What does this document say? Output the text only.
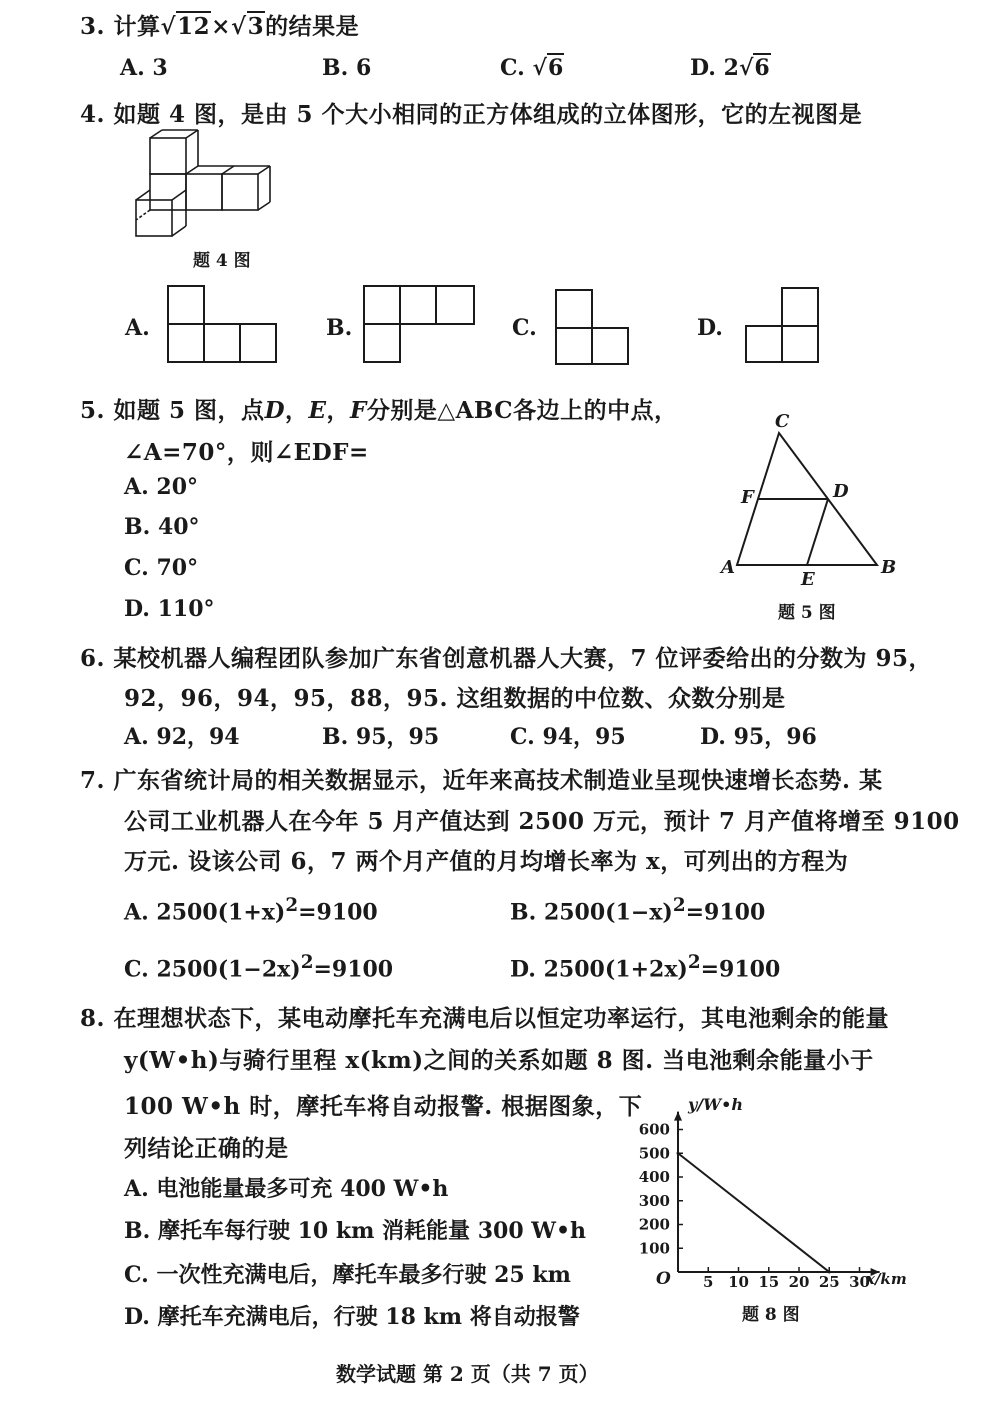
3. 计算√12×√3的结果是
A. 3	B. 6	C. √6	D. 2√6
4. 如题 4 图，是由 5 个大小相同的正方体组成的立体图形，它的左视图是
题 4 图
A.	B.	C.	D.
5. 如题 5 图，点D，E，F分别是△ABC各边上的中点，
∠A=70°，则∠EDF=
A. 20°
B. 40°
C. 70°
D. 110°
C
F	D
A
E
B
题 5 图
6. 某校机器人编程团队参加广东省创意机器人大赛，7 位评委给出的分数为 95，
92，96，94，95，88，95. 这组数据的中位数、众数分别是
A. 92，94	B. 95，95	C. 94，95	D. 95，96
7. 广东省统计局的相关数据显示，近年来高技术制造业呈现快速增长态势. 某
公司工业机器人在今年 5 月产值达到 2500 万元，预计 7 月产值将增至 9100
万元. 设该公司 6，7 两个月产值的月均增长率为 x，可列出的方程为
A. $2500(1+x)^2=9100$	B. $2500(1-x)^2=9100$
C. $2500(1-2x)^2=9100$	D. $2500(1+2x)^2=9100$
8. 在理想状态下，某电动摩托车充满电后以恒定功率运行，其电池剩余的能量
y(W•h)与骑行里程 x(km)之间的关系如题 8 图. 当电池剩余能量小于
100 W•h 时，摩托车将自动报警. 根据图象，下
列结论正确的是
A. 电池能量最多可充 400 W•h
B. 摩托车每行驶 10 km 消耗能量 300 W•h
C. 一次性充满电后，摩托车最多行驶 25 km
D. 摩托车充满电后，行驶 18 km 将自动报警
5 10 15 20 25 30
100
200
300
400
500
600
y/W•h
x/km
O
题 8 图
数学试题 第 2 页（共 7 页）
